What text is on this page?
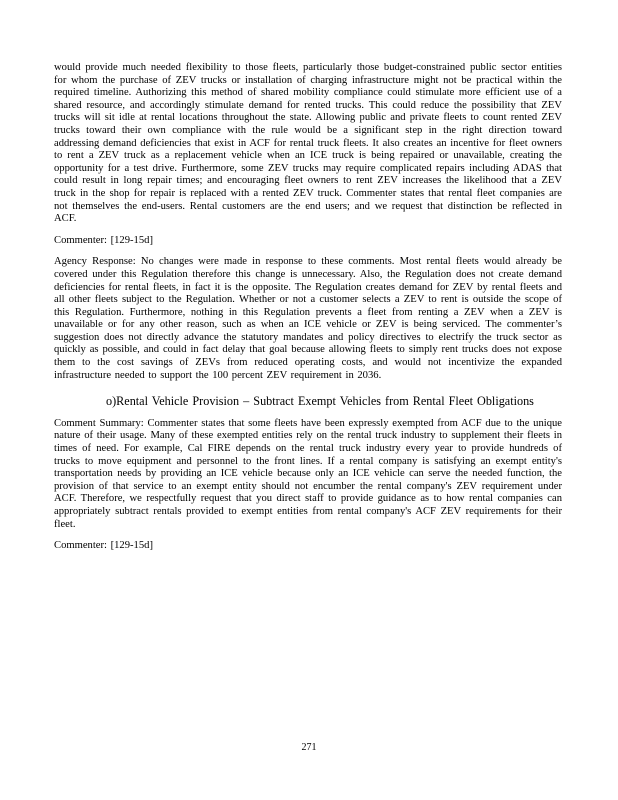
would provide much needed flexibility to those fleets, particularly those budget-constrained public sector entities for whom the purchase of ZEV trucks or installation of charging infrastructure might not be practical within the required timeline. Authorizing this method of shared mobility compliance could stimulate more efficient use of a shared resource, and accordingly stimulate demand for rented trucks. This could reduce the possibility that ZEV trucks will sit idle at rental locations throughout the state. Allowing public and private fleets to count rented ZEV trucks toward their own compliance with the rule would be a significant step in the right direction toward addressing demand deficiencies that exist in ACF for rental truck fleets. It also creates an incentive for fleet owners to rent a ZEV truck as a replacement vehicle when an ICE truck is being repaired or unavailable, creating the opportunity for a test drive. Furthermore, some ZEV trucks may require complicated repairs including ADAS that could result in long repair times; and encouraging fleet owners to rent ZEV increases the likelihood that a ZEV truck in the shop for repair is replaced with a rented ZEV truck. Commenter states that rental fleet companies are not themselves the end-users. Rental customers are the end users; and we request that distinction be reflected in ACF.

Commenter: [129-15d]

Agency Response: No changes were made in response to these comments. Most rental fleets would already be covered under this Regulation therefore this change is unnecessary. Also, the Regulation does not create demand deficiencies for rental fleets, in fact it is the opposite. The Regulation creates demand for ZEV by rental fleets and all other fleets subject to the Regulation. Whether or not a customer selects a ZEV to rent is outside the scope of this Regulation. Furthermore, nothing in this Regulation prevents a fleet from renting a ZEV when a ZEV is unavailable or for any other reason, such as when an ICE vehicle or ZEV is being serviced. The commenter’s suggestion does not directly advance the statutory mandates and policy directives to electrify the truck sector as quickly as possible, and could in fact delay that goal because allowing fleets to simply rent trucks does not expose them to the cost savings of ZEVs from reduced operating costs, and would not incentivize the expanded infrastructure needed to support the 100 percent ZEV requirement in 2036.

o)Rental Vehicle Provision – Subtract Exempt Vehicles from Rental Fleet Obligations

Comment Summary: Commenter states that some fleets have been expressly exempted from ACF due to the unique nature of their usage. Many of these exempted entities rely on the rental truck industry to supplement their fleets in times of need. For example, Cal FIRE depends on the rental truck industry every year to provide hundreds of trucks to move equipment and personnel to the front lines. If a rental company is satisfying an exempt entity's transportation needs by providing an ICE vehicle because only an ICE vehicle can serve the needed function, the provision of that service to an exempt entity should not encumber the rental company's ZEV requirement under ACF. Therefore, we respectfully request that you direct staff to provide guidance as to how rental companies can appropriately subtract rentals provided to exempt entities from rental company's ACF ZEV requirements for their fleet.

Commenter: [129-15d]

271
